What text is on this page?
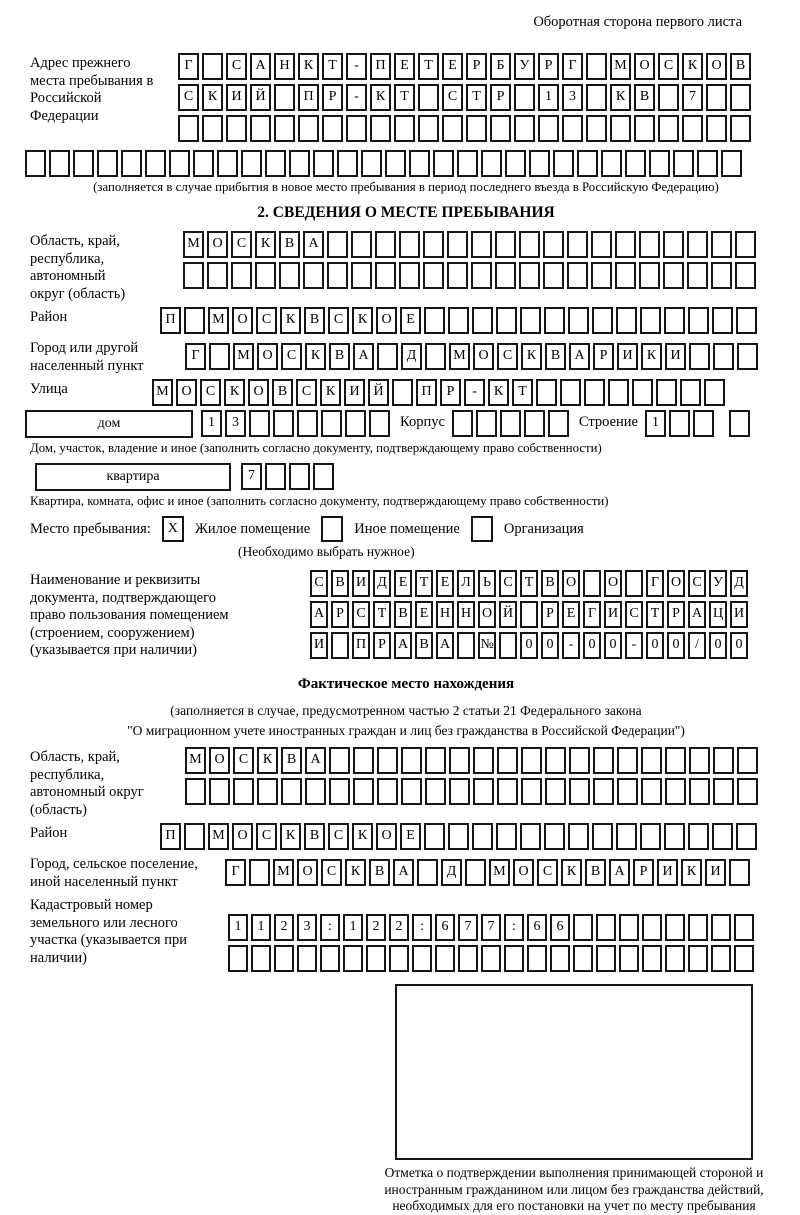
Оборотная сторона первого листа
Адрес прежнего места пребывания в Российской Федерации
Г	С А Н К Т - П Е Т Е Р Б У Р Г	М О С К О В
С К И Й	П Р - К Т	С Т Р	1 3	К В	7
(заполняется в случае прибытия в новое место пребывания в период последнего въезда в Российскую Федерацию)
2. СВЕДЕНИЯ О МЕСТЕ ПРЕБЫВАНИЯ
Область, край, республика, автономный округ (область)
М О С К В А
Район	П	М О С К В С К О Е
Город или другой населенный пункт
Г	М О С К В А	Д	М О С К В А Р И К И
Улица	М О С К О В С К И Й	П Р - К Т
дом	1 3	Корпус	Строение	1
Дом, участок, владение и иное (заполнить согласно документу, подтверждающему право собственности)
квартира	7
Квартира, комната, офис и иное (заполнить согласно документу, подтверждающему право собственности)
Место пребывания:	X	Жилое помещение	Иное помещение	Организация
(Необходимо выбрать нужное)
Наименование и реквизиты документа, подтверждающего право пользования помещением (строением, сооружением) (указывается при наличии)
С В И Д Е Т Е Л Ь С Т В О О Г О С У Д
А Р С Т В Е Н Н О Й Р Е Г И С Т Р А Ц И
И П Р А В А № 0 0 - 0 0 - 0 0 / 0 0
Фактическое место нахождения
(заполняется в случае, предусмотренном частью 2 статьи 21 Федерального закона
"О миграционном учете иностранных граждан и лиц без гражданства в Российской Федерации")
Область, край, республика, автономный округ (область)
М О С К В А
Район	П	М О С К В С К О Е
Город, сельское поселение, иной населенный пункт
Г	М О С К В А	Д	М О С К В А Р И К И
Кадастровый номер земельного или лесного участка (указывается при наличии)
1 1 2 3 : 1 2 2 : 6 7 7 : 6 6
Отметка о подтверждении выполнения принимающей стороной и иностранным гражданином или лицом без гражданства действий, необходимых для его постановки на учет по месту пребывания
